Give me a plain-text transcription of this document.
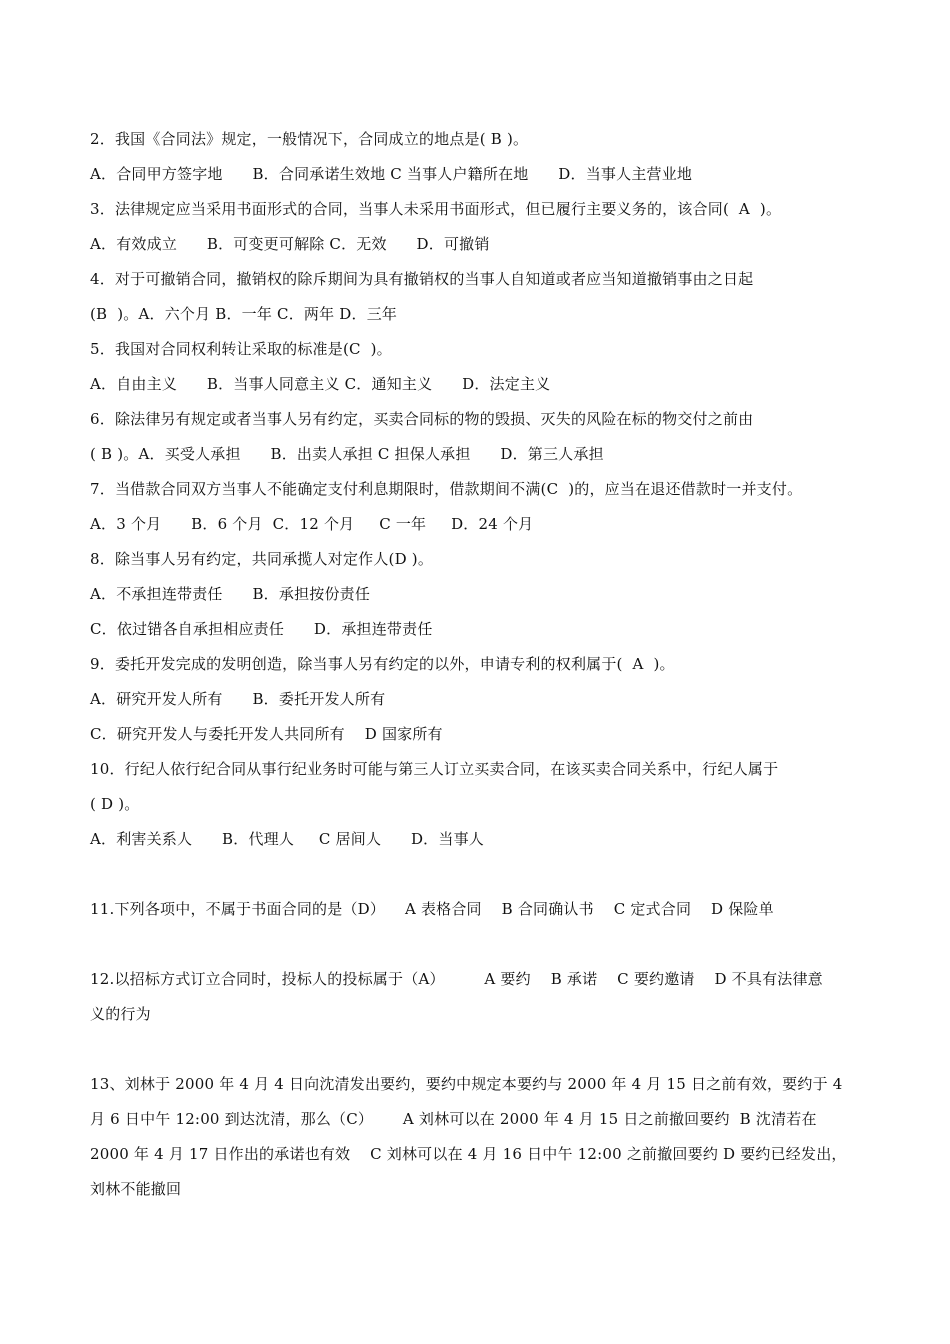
2．我国《合同法》规定，一般情况下，合同成立的地点是( B )。
A．合同甲方签字地      B．合同承诺生效地 C 当事人户籍所在地      D．当事人主营业地
3．法律规定应当采用书面形式的合同，当事人未采用书面形式，但已履行主要义务的，该合同(  A  )。
A．有效成立      B．可变更可解除 C．无效      D．可撤销
4．对于可撤销合同，撤销权的除斥期间为具有撤销权的当事人自知道或者应当知道撤销事由之日起
(B  )。A．六个月 B．一年 C．两年 D．三年
5．我国对合同权利转让采取的标准是(C  )。
A．自由主义      B．当事人同意主义 C．通知主义      D．法定主义
6．除法律另有规定或者当事人另有约定，买卖合同标的物的毁损、灭失的风险在标的物交付之前由
( B )。A．买受人承担      B．出卖人承担 C 担保人承担      D．第三人承担
7．当借款合同双方当事人不能确定支付利息期限时，借款期间不满(C  )的，应当在退还借款时一并支付。
A．3 个月      B．6 个月  C．12 个月     C 一年     D．24 个月
8．除当事人另有约定，共同承揽人对定作人(D )。
A．不承担连带责任      B．承担按份责任
C．依过错各自承担相应责任      D．承担连带责任
9．委托开发完成的发明创造，除当事人另有约定的以外，申请专利的权利属于(  A  )。
A．研究开发人所有      B．委托开发人所有
C．研究开发人与委托开发人共同所有    D 国家所有
10．行纪人依行纪合同从事行纪业务时可能与第三人订立买卖合同，在该买卖合同关系中，行纪人属于
( D )。
A．利害关系人      B．代理人     C 居间人      D．当事人
11.下列各项中，不属于书面合同的是（D）    A 表格合同    B 合同确认书    C 定式合同    D 保险单
12.以招标方式订立合同时，投标人的投标属于（A）        A 要约    B 承诺    C 要约邀请    D 不具有法律意
义的行为
13、刘林于 2000 年 4 月 4 日向沈清发出要约，要约中规定本要约与 2000 年 4 月 15 日之前有效，要约于 4
月 6 日中午 12:00 到达沈清，那么（C）      A 刘林可以在 2000 年 4 月 15 日之前撤回要约  B 沈清若在
2000 年 4 月 17 日作出的承诺也有效    C 刘林可以在 4 月 16 日中午 12:00 之前撤回要约 D 要约已经发出，
刘林不能撤回
